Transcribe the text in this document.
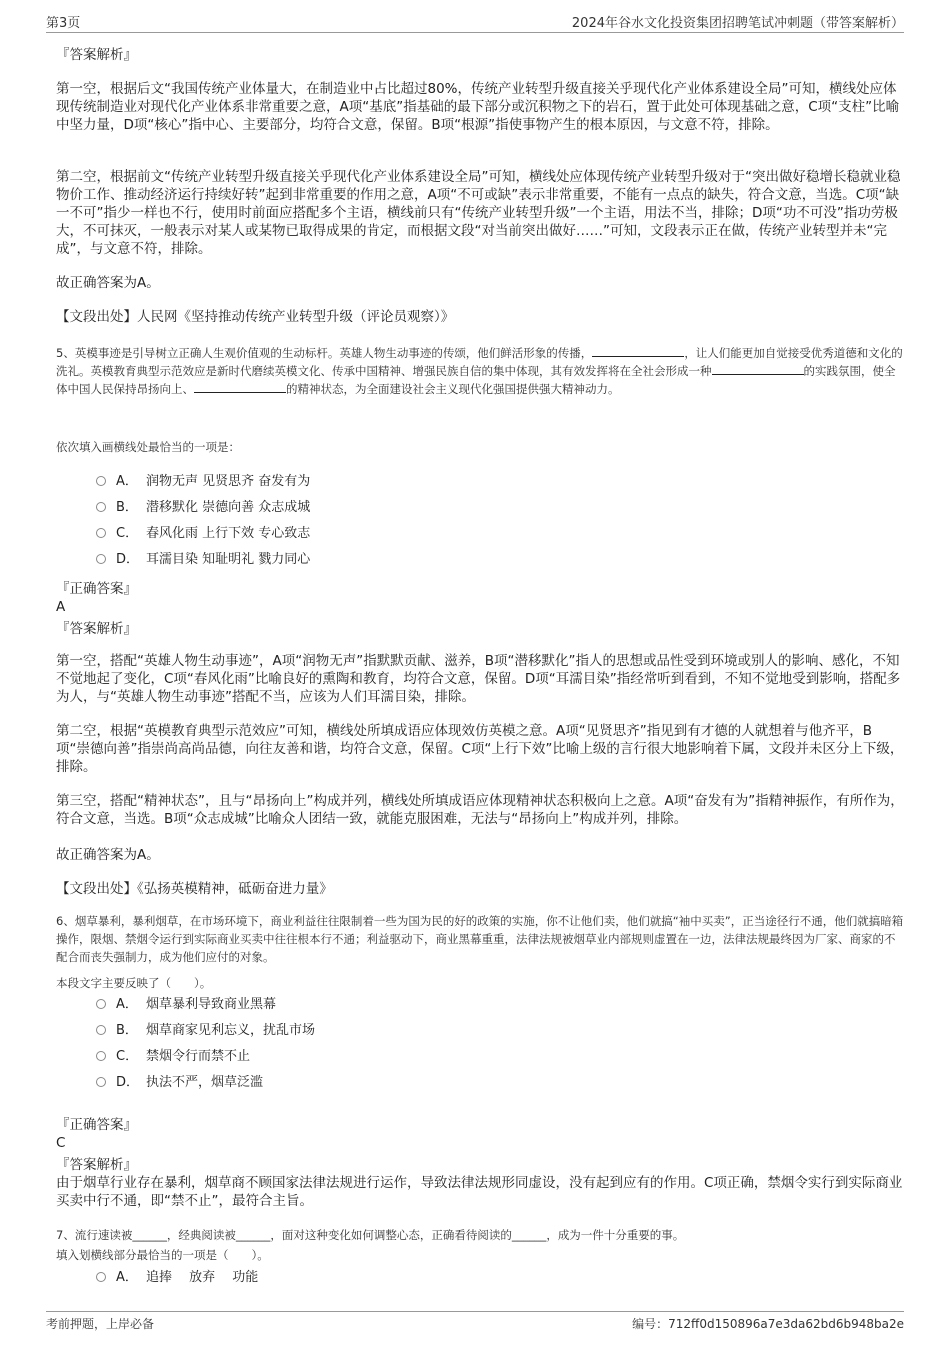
第3页	2024年谷水文化投资集团招聘笔试冲刺题（带答案解析）

『答案解析』

第一空，根据后文“我国传统产业体量大，在制造业中占比超过80%，传统产业转型升级直接关乎现代化产业体系建设全局”可知，横线处应体现传统制造业对现代化产业体系非常重要之意，A项“基底”指基础的最下部分或沉积物之下的岩石，置于此处可体现基础之意，C项“支柱”比喻中坚力量，D项“核心”指中心、主要部分，均符合文意，保留。B项“根源”指使事物产生的根本原因，与文意不符，排除。

第二空，根据前文“传统产业转型升级直接关乎现代化产业体系建设全局”可知，横线处应体现传统产业转型升级对于“突出做好稳增长稳就业稳物价工作、推动经济运行持续好转”起到非常重要的作用之意，A项“不可或缺”表示非常重要，不能有一点点的缺失，符合文意，当选。C项“缺一不可”指少一样也不行，使用时前面应搭配多个主语，横线前只有“传统产业转型升级”一个主语，用法不当，排除；D项“功不可没”指功劳极大，不可抹灭，一般表示对某人或某物已取得成果的肯定，而根据文段“对当前突出做好……”可知，文段表示正在做，传统产业转型并未“完成”，与文意不符，排除。

故正确答案为A。

【文段出处】人民网《坚持推动传统产业转型升级（评论员观察）》

5、英模事迹是引导树立正确人生观价值观的生动标杆。英雄人物生动事迹的传颂，他们鲜活形象的传播，	，让人们能更加自觉接受优秀道德和文化的洗礼。英模教育典型示范效应是新时代磨续英模文化、传承中国精神、增强民族自信的集中体现，其有效发挥将在全社会形成一种	的实践氛围，使全体中国人民保持昂扬向上、	的精神状态，为全面建设社会主义现代化强国提供强大精神动力。

依次填入画横线处最恰当的一项是：

A． 润物无声 见贤思齐 奋发有为
B． 潜移默化 崇德向善 众志成城
C． 春风化雨 上行下效 专心致志
D． 耳濡目染 知耻明礼 戮力同心

『正确答案』

A

『答案解析』

第一空，搭配“英雄人物生动事迹”，A项“润物无声”指默默贡献、滋养，B项“潜移默化”指人的思想或品性受到环境或别人的影响、感化，不知不觉地起了变化，C项“春风化雨”比喻良好的熏陶和教育，均符合文意，保留。D项“耳濡目染”指经常听到看到，不知不觉地受到影响，搭配多为人，与“英雄人物生动事迹”搭配不当，应该为人们耳濡目染，排除。

第二空，根据“英模教育典型示范效应”可知，横线处所填成语应体现效仿英模之意。A项“见贤思齐”指见到有才德的人就想着与他齐平，B项“崇德向善”指崇尚高尚品德，向往友善和谐，均符合文意，保留。C项“上行下效”比喻上级的言行很大地影响着下属，文段并未区分上下级，排除。

第三空，搭配“精神状态”，且与“昂扬向上”构成并列，横线处所填成语应体现精神状态积极向上之意。A项“奋发有为”指精神振作，有所作为，符合文意，当选。B项“众志成城”比喻众人团结一致，就能克服困难，无法与“昂扬向上”构成并列，排除。

故正确答案为A。

【文段出处】《弘扬英模精神，砥砺奋进力量》

6、烟草暴利，暴利烟草，在市场环境下，商业利益往往限制着一些为国为民的好的政策的实施，你不让他们卖，他们就搞“袖中买卖”，正当途径行不通，他们就搞暗箱操作，限烟、禁烟令运行到实际商业买卖中往往根本行不通；利益驱动下，商业黑幕重重，法律法规被烟草业内部规则虚置在一边，法律法规最终因为厂家、商家的不配合而丧失强制力，成为他们应付的对象。

本段文字主要反映了（　　）。

A． 烟草暴利导致商业黑幕
B． 烟草商家见利忘义，扰乱市场
C． 禁烟令行而禁不止
D． 执法不严，烟草泛滥

『正确答案』

C

『答案解析』

由于烟草行业存在暴利，烟草商不顾国家法律法规进行运作，导致法律法规形同虚设，没有起到应有的作用。C项正确，禁烟令实行到实际商业买卖中行不通，即“禁不止”，最符合主旨。

7、流行速读被______，经典阅读被______，面对这种变化如何调整心态，正确看待阅读的______，成为一件十分重要的事。

填入划横线部分最恰当的一项是（　　）。

A． 追捧　 放弃　 功能
考前押题，上岸必备	编号：712ff0d150896a7e3da62bd6b948ba2e
